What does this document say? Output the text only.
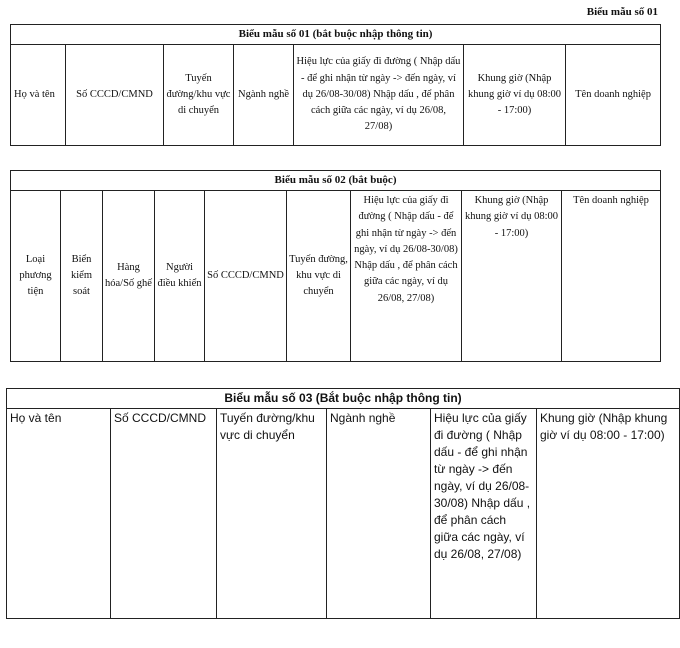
Biểu mẫu số 01
Biểu mẫu số 01 (bắt buộc nhập thông tin)
Họ và tên	Số CCCD/CMND	Tuyến đường/khu vực di chuyển	Ngành nghề	Hiệu lực của giấy đi đường ( Nhập dấu - để ghi nhận từ ngày -> đến ngày, ví dụ 26/08-30/08) Nhập dấu , để phân cách giữa các ngày, ví dụ 26/08, 27/08)	Khung giờ (Nhập khung giờ ví dụ 08:00 - 17:00)	Tên doanh nghiệp
Biểu mẫu số 02 (bắt buộc)
Loại phương tiện	Biển kiểm soát	Hàng hóa/Số ghế	Người điều khiển	Số CCCD/CMND	Tuyến đường, khu vực di chuyển	Hiệu lực của giấy đi đường ( Nhập dấu - để ghi nhận từ ngày -> đến ngày, ví dụ 26/08-30/08) Nhập dấu , để phân cách giữa các ngày, ví dụ 26/08, 27/08)	Khung giờ (Nhập khung giờ ví dụ 08:00 - 17:00)	Tên doanh nghiệp
Biểu mẫu số 03 (Bắt buộc nhập thông tin)
Họ và tên	Số CCCD/CMND	Tuyến đường/khu vực di chuyển	Ngành nghề	Hiệu lực của giấy đi đường ( Nhập dấu - để ghi nhận từ ngày -> đến ngày, ví dụ 26/08-30/08) Nhập dấu , để phân cách giữa các ngày, ví dụ 26/08, 27/08)	Khung giờ (Nhập khung giờ ví dụ 08:00 - 17:00)
